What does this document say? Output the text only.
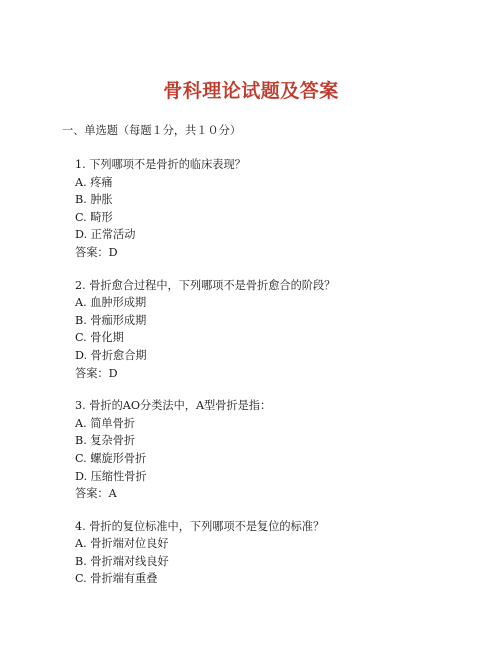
骨科理论试题及答案
一、单选题（每题１分，共１０分）
1. 下列哪项不是骨折的临床表现？
A. 疼痛
B. 肿胀
C. 畸形
D. 正常活动
答案：D
2. 骨折愈合过程中，下列哪项不是骨折愈合的阶段？
A. 血肿形成期
B. 骨痂形成期
C. 骨化期
D. 骨折愈合期
答案：D
3. 骨折的AO分类法中，A型骨折是指：
A. 简单骨折
B. 复杂骨折
C. 螺旋形骨折
D. 压缩性骨折
答案：A
4. 骨折的复位标准中，下列哪项不是复位的标准？
A. 骨折端对位良好
B. 骨折端对线良好
C. 骨折端有重叠
